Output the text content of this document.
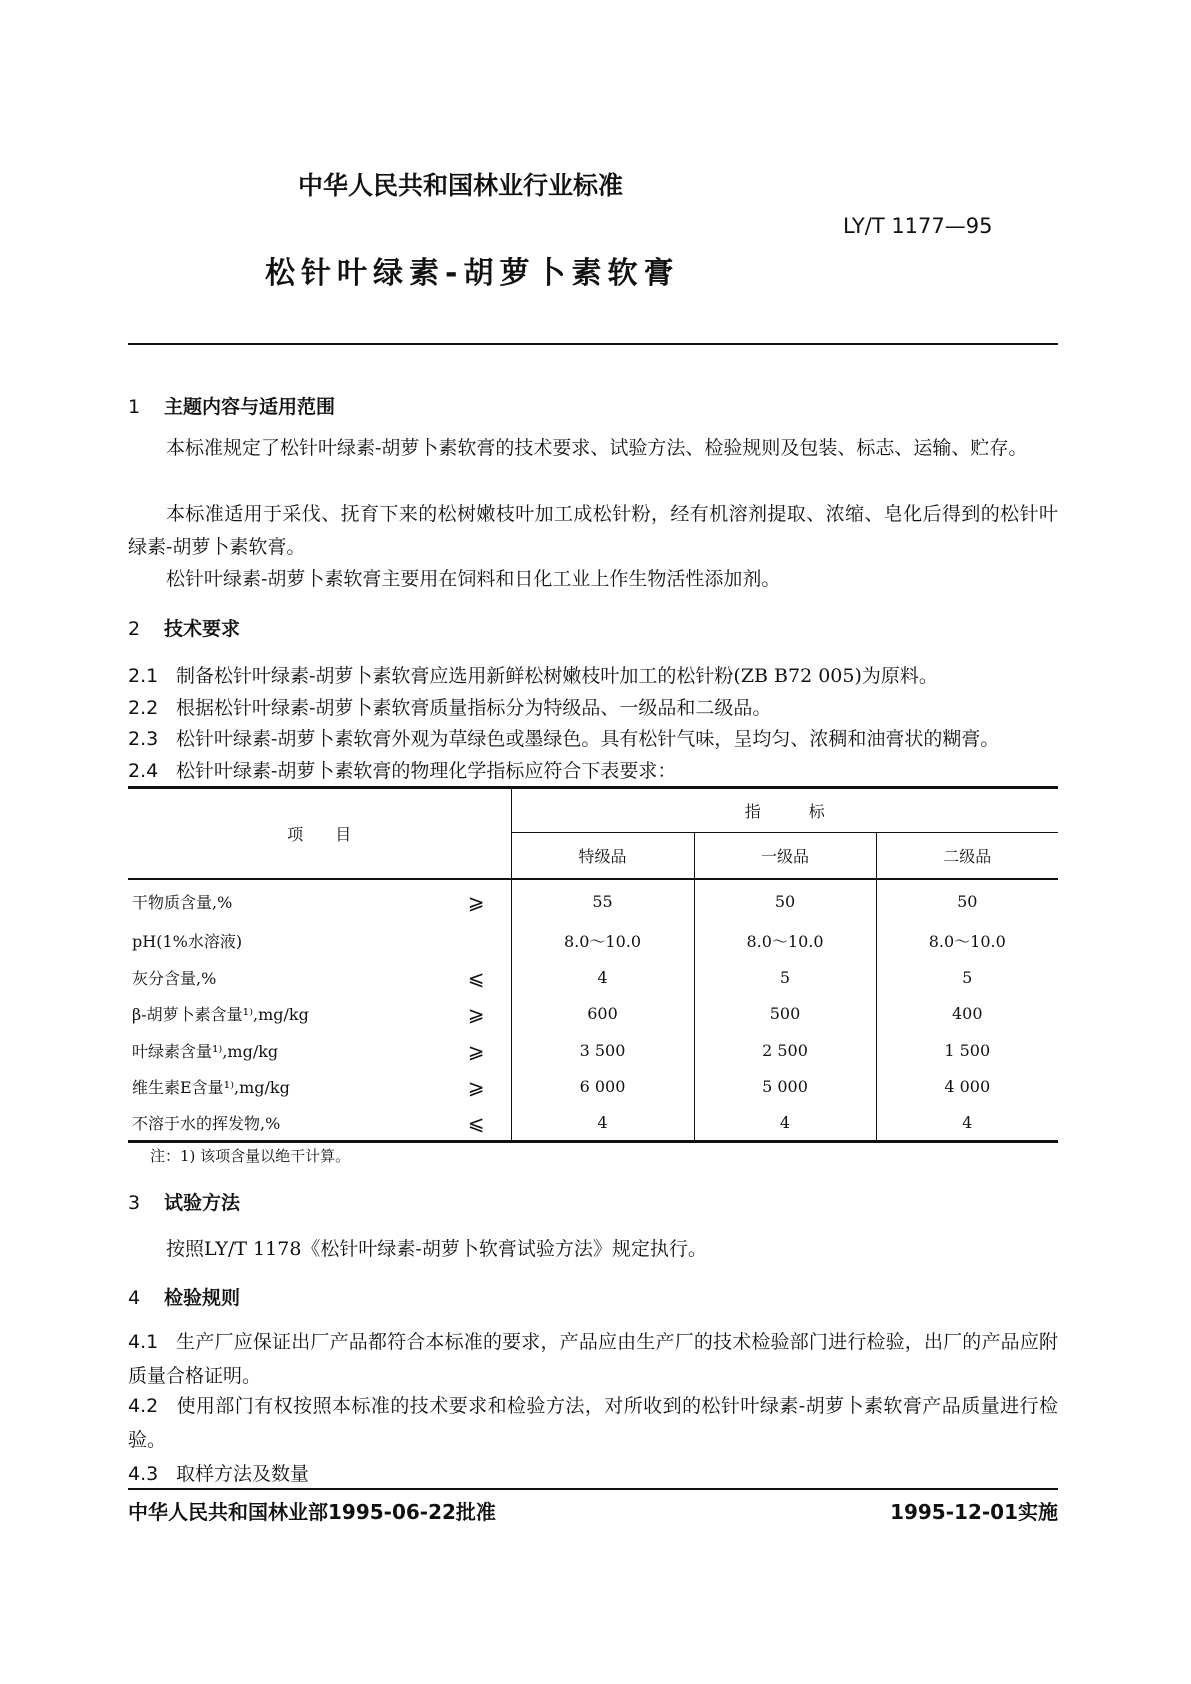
中华人民共和国林业行业标准
LY/T 1177—95
松针叶绿素-胡萝卜素软膏
1 主题内容与适用范围
本标准规定了松针叶绿素-胡萝卜素软膏的技术要求、试验方法、检验规则及包装、标志、运输、贮存。
本标准适用于采伐、抚育下来的松树嫩枝叶加工成松针粉，经有机溶剂提取、浓缩、皂化后得到的松针叶绿素-胡萝卜素软膏。
松针叶绿素-胡萝卜素软膏主要用在饲料和日化工业上作生物活性添加剂。
2 技术要求
2.1 制备松针叶绿素-胡萝卜素软膏应选用新鲜松树嫩枝叶加工的松针粉(ZB B72 005)为原料。
2.2 根据松针叶绿素-胡萝卜素软膏质量指标分为特级品、一级品和二级品。
2.3 松针叶绿素-胡萝卜素软膏外观为草绿色或墨绿色。具有松针气味，呈均匀、浓稠和油膏状的糊膏。
2.4 松针叶绿素-胡萝卜素软膏的物理化学指标应符合下表要求：
项　　目	指　　　标		
	特级品	一级品	二级品
干物质含量,% ⩾	55	50	50
pH(1%水溶液)	8.0～10.0	8.0～10.0	8.0～10.0
灰分含量,% ⩽	4	5	5
β-胡萝卜素含量¹⁾,mg/kg ⩾	600	500	400
叶绿素含量¹⁾,mg/kg ⩾	3 500	2 500	1 500
维生素E含量¹⁾,mg/kg ⩾	6 000	5 000	4 000
不溶于水的挥发物,% ⩽	4	4	4
注：1) 该项含量以绝干计算。
3 试验方法
按照LY/T 1178《松针叶绿素-胡萝卜软膏试验方法》规定执行。
4 检验规则
4.1 生产厂应保证出厂产品都符合本标准的要求，产品应由生产厂的技术检验部门进行检验，出厂的产品应附质量合格证明。
4.2 使用部门有权按照本标准的技术要求和检验方法，对所收到的松针叶绿素-胡萝卜素软膏产品质量进行检验。
4.3 取样方法及数量
中华人民共和国林业部1995-06-22批准	1995-12-01实施
